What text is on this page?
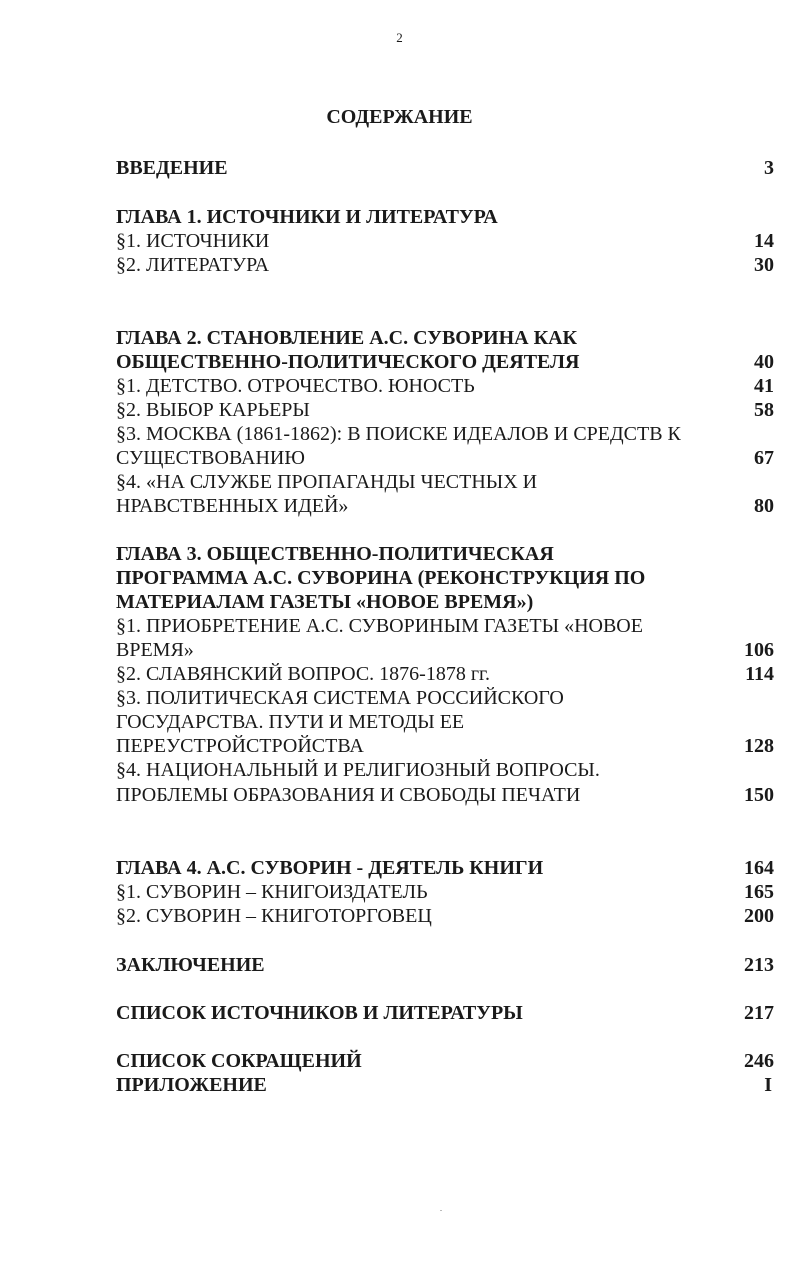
2
СОДЕРЖАНИЕ
ВВЕДЕНИЕ	3
ГЛАВА 1. ИСТОЧНИКИ И ЛИТЕРАТУРА
§1. ИСТОЧНИКИ	14
§2. ЛИТЕРАТУРА	30
ГЛАВА 2. СТАНОВЛЕНИЕ А.С. СУВОРИНА КАК
ОБЩЕСТВЕННО-ПОЛИТИЧЕСКОГО ДЕЯТЕЛЯ	40
§1. ДЕТСТВО. ОТРОЧЕСТВО. ЮНОСТЬ	41
§2. ВЫБОР КАРЬЕРЫ	58
§3. МОСКВА (1861-1862): В ПОИСКЕ ИДЕАЛОВ И СРЕДСТВ К
СУЩЕСТВОВАНИЮ	67
§4. «НА СЛУЖБЕ ПРОПАГАНДЫ ЧЕСТНЫХ И
НРАВСТВЕННЫХ ИДЕЙ»	80
ГЛАВА 3. ОБЩЕСТВЕННО-ПОЛИТИЧЕСКАЯ
ПРОГРАММА А.С. СУВОРИНА (РЕКОНСТРУКЦИЯ ПО
МАТЕРИАЛАМ ГАЗЕТЫ «НОВОЕ ВРЕМЯ»)
§1. ПРИОБРЕТЕНИЕ А.С. СУВОРИНЫМ ГАЗЕТЫ «НОВОЕ
ВРЕМЯ»	106
§2. СЛАВЯНСКИЙ ВОПРОС. 1876-1878 гг.	114
§3. ПОЛИТИЧЕСКАЯ СИСТЕМА РОССИЙСКОГО
ГОСУДАРСТВА. ПУТИ И МЕТОДЫ ЕЕ
ПЕРЕУСТРОЙСТРОЙСТВА	128
§4. НАЦИОНАЛЬНЫЙ И РЕЛИГИОЗНЫЙ ВОПРОСЫ.
ПРОБЛЕМЫ ОБРАЗОВАНИЯ И СВОБОДЫ ПЕЧАТИ	150
ГЛАВА 4. А.С. СУВОРИН - ДЕЯТЕЛЬ КНИГИ	164
§1. СУВОРИН – КНИГОИЗДАТЕЛЬ	165
§2. СУВОРИН – КНИГОТОРГОВЕЦ	200
ЗАКЛЮЧЕНИЕ	213
СПИСОК ИСТОЧНИКОВ И ЛИТЕРАТУРЫ	217
СПИСОК СОКРАЩЕНИЙ	246
ПРИЛОЖЕНИЕ	I
